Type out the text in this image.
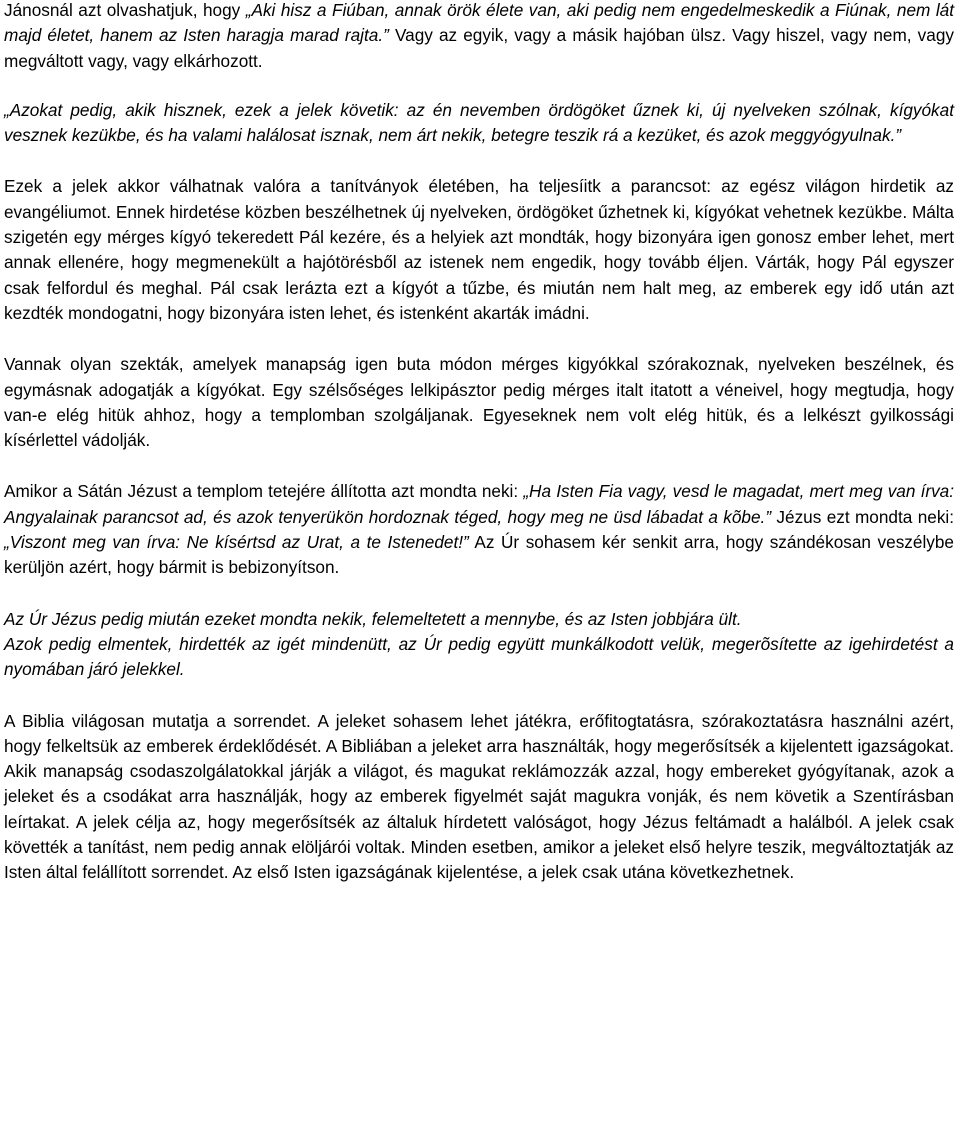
Jánosnál azt olvashatjuk, hogy „Aki hisz a Fiúban, annak örök élete van, aki pedig nem engedelmeskedik a Fiúnak, nem lát majd életet, hanem az Isten haragja marad rajta.” Vagy az egyik, vagy a másik hajóban ülsz. Vagy hiszel, vagy nem, vagy megváltott vagy, vagy elkárhozott.

„Azokat pedig, akik hisznek, ezek a jelek követik: az én nevemben ördögöket űznek ki, új nyelveken szólnak, kígyókat vesznek kezükbe, és ha valami halálosat isznak, nem árt nekik, betegre teszik rá a kezüket, és azok meggyógyulnak.”

Ezek a jelek akkor válhatnak valóra a tanítványok életében, ha teljesíitk a parancsot: az egész világon hirdetik az evangéliumot. Ennek hirdetése közben beszélhetnek új nyelveken, ördögöket űzhetnek ki, kígyókat vehetnek kezükbe. Málta szigetén egy mérges kígyó tekeredett Pál kezére, és a helyiek azt mondták, hogy bizonyára igen gonosz ember lehet, mert annak ellenére, hogy megmenekült a hajótörésből az istenek nem engedik, hogy tovább éljen. Várták, hogy Pál egyszer csak felfordul és meghal. Pál csak lerázta ezt a kígyót a tűzbe, és miután nem halt meg, az emberek egy idő után azt kezdték mondogatni, hogy bizonyára isten lehet, és istenként akarták imádni.

Vannak olyan szekták, amelyek manapság igen buta módon mérges kigyókkal szórakoznak, nyelveken beszélnek, és egymásnak adogatják a kígyókat. Egy szélsőséges lelkipásztor pedig mérges italt itatott a véneivel, hogy megtudja, hogy van-e elég hitük ahhoz, hogy a templomban szolgáljanak. Egyeseknek nem volt elég hitük, és a lelkészt gyilkossági kísérlettel vádolják.

Amikor a Sátán Jézust a templom tetejére állította azt mondta neki: „Ha Isten Fia vagy, vesd le magadat, mert meg van írva: Angyalainak parancsot ad, és azok tenyerükön hordoznak téged, hogy meg ne üsd lábadat a kõbe.” Jézus ezt mondta neki: „Viszont meg van írva: Ne kísértsd az Urat, a te Istenedet!” Az Úr sohasem kér senkit arra, hogy szándékosan veszélybe kerüljön azért, hogy bármit is bebizonyítson.

Az Úr Jézus pedig miután ezeket mondta nekik, felemeltetett a mennybe, és az Isten jobbjára ült.

Azok pedig elmentek, hirdették az igét mindenütt, az Úr pedig együtt munkálkodott velük, megerõsítette az igehirdetést a nyomában járó jelekkel.

A Biblia világosan mutatja a sorrendet. A jeleket sohasem lehet játékra, erőfitogtatásra, szórakoztatásra használni azért, hogy felkeltsük az emberek érdeklődését. A Bibliában a jeleket arra használták, hogy megerősítsék a kijelentett igazságokat. Akik manapság csodaszolgálatokkal járják a világot, és magukat reklámozzák azzal, hogy embereket gyógyítanak, azok a jeleket és a csodákat arra használják, hogy az emberek figyelmét saját magukra vonják, és nem követik a Szentírásban leírtakat. A jelek célja az, hogy megerősítsék az általuk hírdetett valóságot, hogy Jézus feltámadt a halálból. A jelek csak követték a tanítást, nem pedig annak elöljárói voltak. Minden esetben, amikor a jeleket első helyre teszik, megváltoztatják az Isten által felállított sorrendet. Az első Isten igazságának kijelentése, a jelek csak utána következhetnek.
